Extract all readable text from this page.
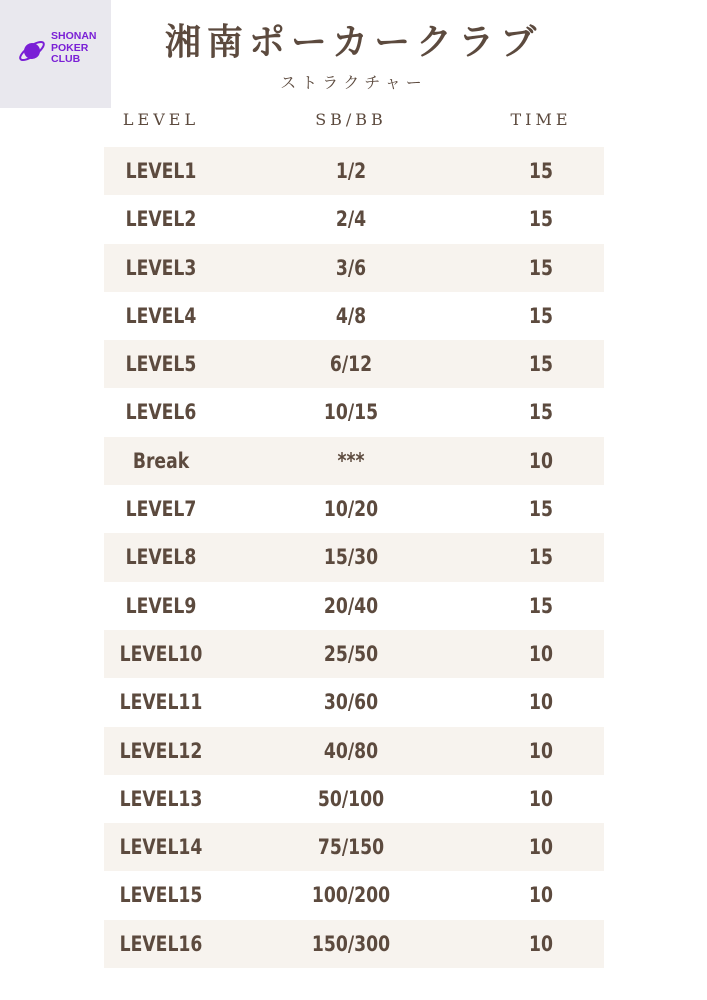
SHONAN
POKER
CLUB	湘南ポーカークラブ
ストラクチャー
LEVEL	SB/BB	TIME
LEVEL1	1/2	15
LEVEL2	2/4	15
LEVEL3	3/6	15
LEVEL4	4/8	15
LEVEL5	6/12	15
LEVEL6	10/15	15
Break	***	10
LEVEL7	10/20	15
LEVEL8	15/30	15
LEVEL9	20/40	15
LEVEL10	25/50	10
LEVEL11	30/60	10
LEVEL12	40/80	10
LEVEL13	50/100	10
LEVEL14	75/150	10
LEVEL15	100/200	10
LEVEL16	150/300	10
